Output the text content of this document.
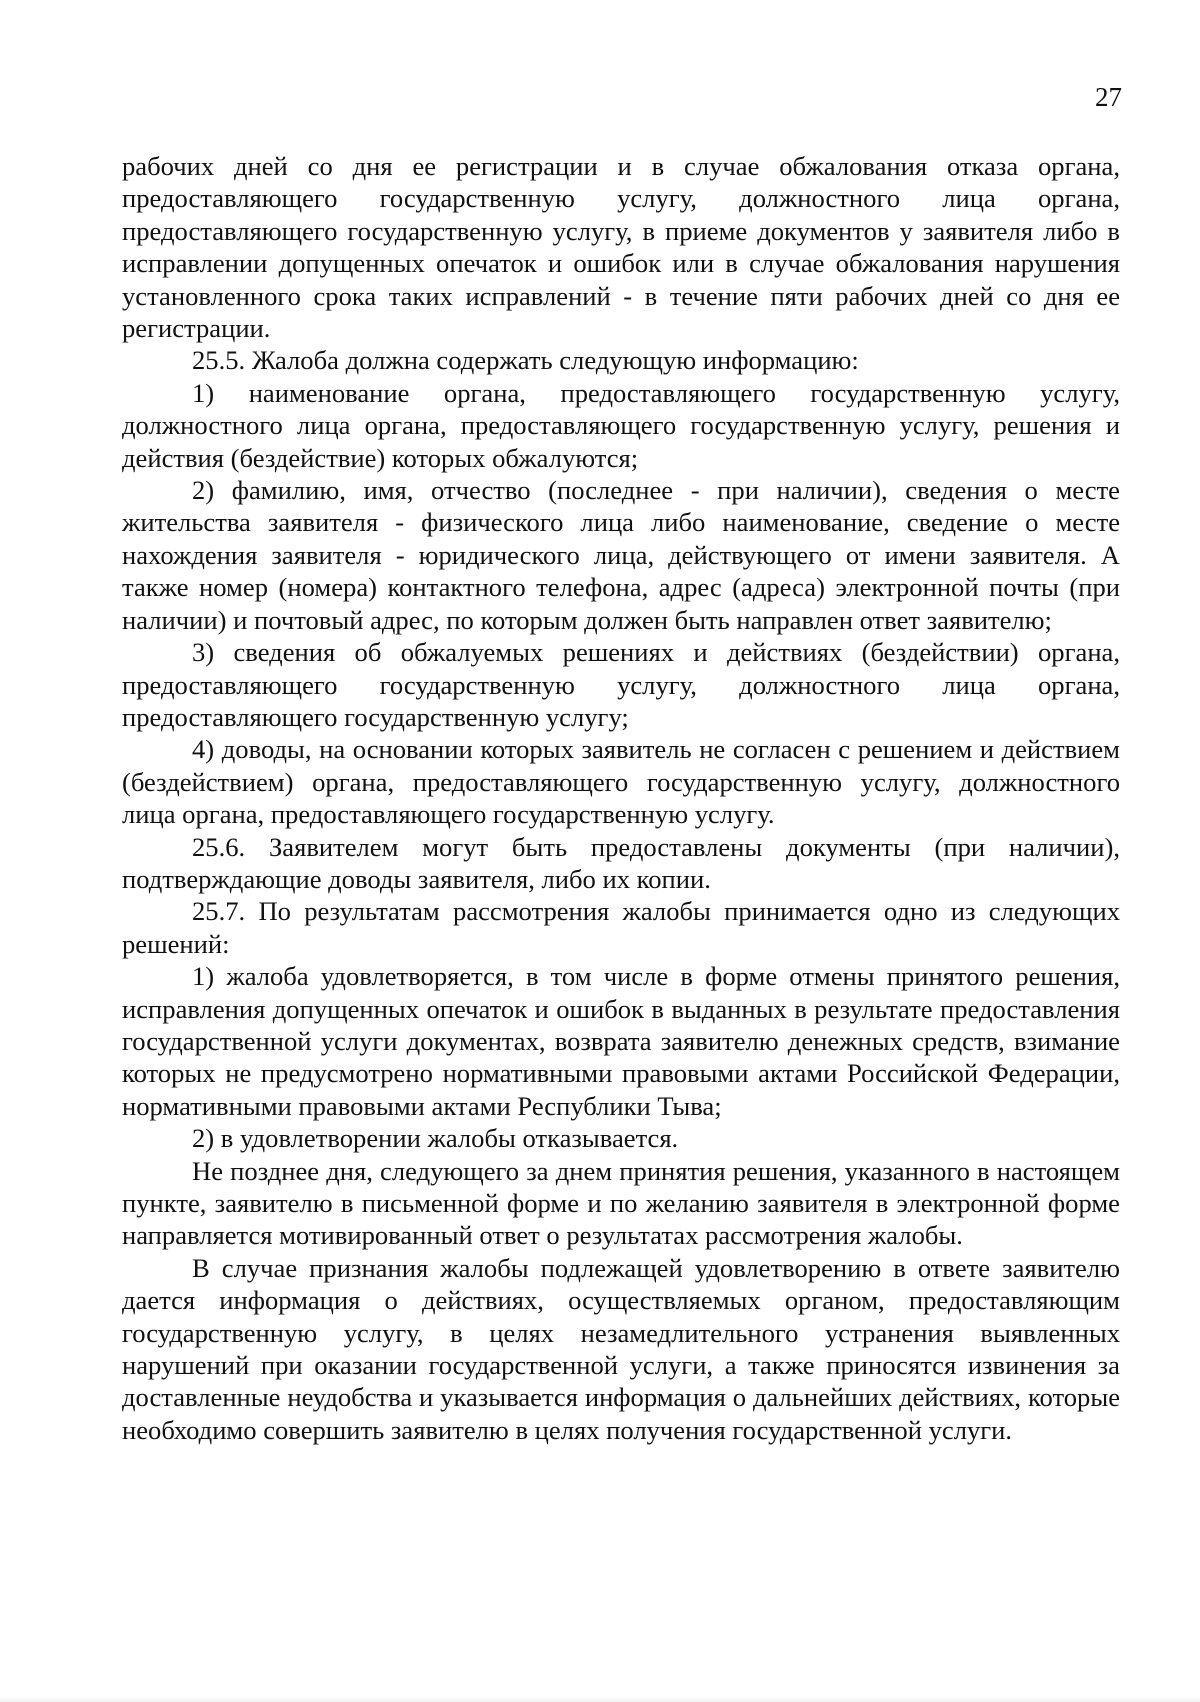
27

рабочих дней со дня ее регистрации и в случае обжалования отказа органа, предоставляющего государственную услугу, должностного лица органа, предоставляющего государственную услугу, в приеме документов у заявителя либо в исправлении допущенных опечаток и ошибок или в случае обжалования нарушения установленного срока таких исправлений - в течение пяти рабочих дней со дня ее регистрации.

25.5. Жалоба должна содержать следующую информацию:

1) наименование органа, предоставляющего государственную услугу, должностного лица органа, предоставляющего государственную услугу, решения и действия (бездействие) которых обжалуются;

2) фамилию, имя, отчество (последнее - при наличии), сведения о месте жительства заявителя - физического лица либо наименование, сведение о месте нахождения заявителя - юридического лица, действующего от имени заявителя. А также номер (номера) контактного телефона, адрес (адреса) электронной почты (при наличии) и почтовый адрес, по которым должен быть направлен ответ заявителю;

3) сведения об обжалуемых решениях и действиях (бездействии) органа, предоставляющего государственную услугу, должностного лица органа, предоставляющего государственную услугу;

4) доводы, на основании которых заявитель не согласен с решением и действием (бездействием) органа, предоставляющего государственную услугу, должностного лица органа, предоставляющего государственную услугу.

25.6. Заявителем могут быть предоставлены документы (при наличии), подтверждающие доводы заявителя, либо их копии.

25.7. По результатам рассмотрения жалобы принимается одно из следующих решений:

1) жалоба удовлетворяется, в том числе в форме отмены принятого решения, исправления допущенных опечаток и ошибок в выданных в результате предоставления государственной услуги документах, возврата заявителю денежных средств, взимание которых не предусмотрено нормативными правовыми актами Российской Федерации, нормативными правовыми актами Республики Тыва;

2) в удовлетворении жалобы отказывается.

Не позднее дня, следующего за днем принятия решения, указанного в настоящем пункте, заявителю в письменной форме и по желанию заявителя в электронной форме направляется мотивированный ответ о результатах рассмотрения жалобы.

В случае признания жалобы подлежащей удовлетворению в ответе заявителю дается информация о действиях, осуществляемых органом, предоставляющим государственную услугу, в целях незамедлительного устранения выявленных нарушений при оказании государственной услуги, а также приносятся извинения за доставленные неудобства и указывается информация о дальнейших действиях, которые необходимо совершить заявителю в целях получения государственной услуги.
